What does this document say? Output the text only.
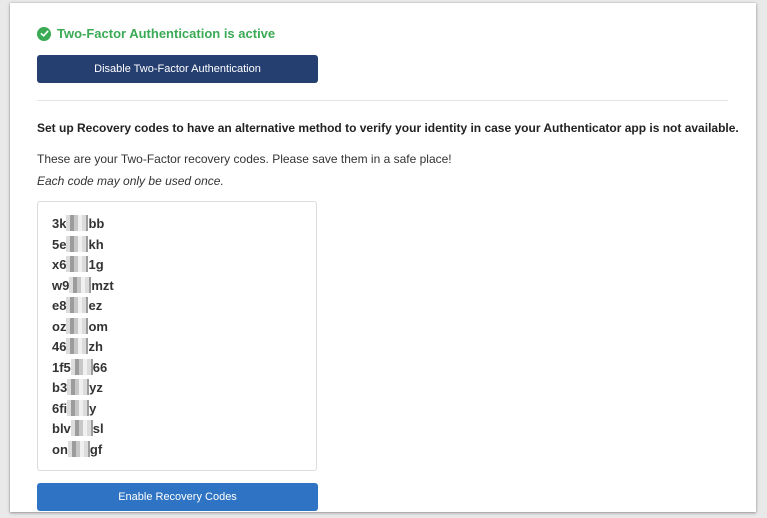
Two-Factor Authentication is active
Disable Two-Factor Authentication
Set up Recovery codes to have an alternative method to verify your identity in case your Authenticator app is not available.
These are your Two-Factor recovery codes. Please save them in a safe place!
Each code may only be used once.
3k bb
5e kh
x6 1g
w9 mzt
e8 ez
oz om
46 zh
1f5 66
b3 yz
6fi y
blv sl
on gf
Enable Recovery Codes
